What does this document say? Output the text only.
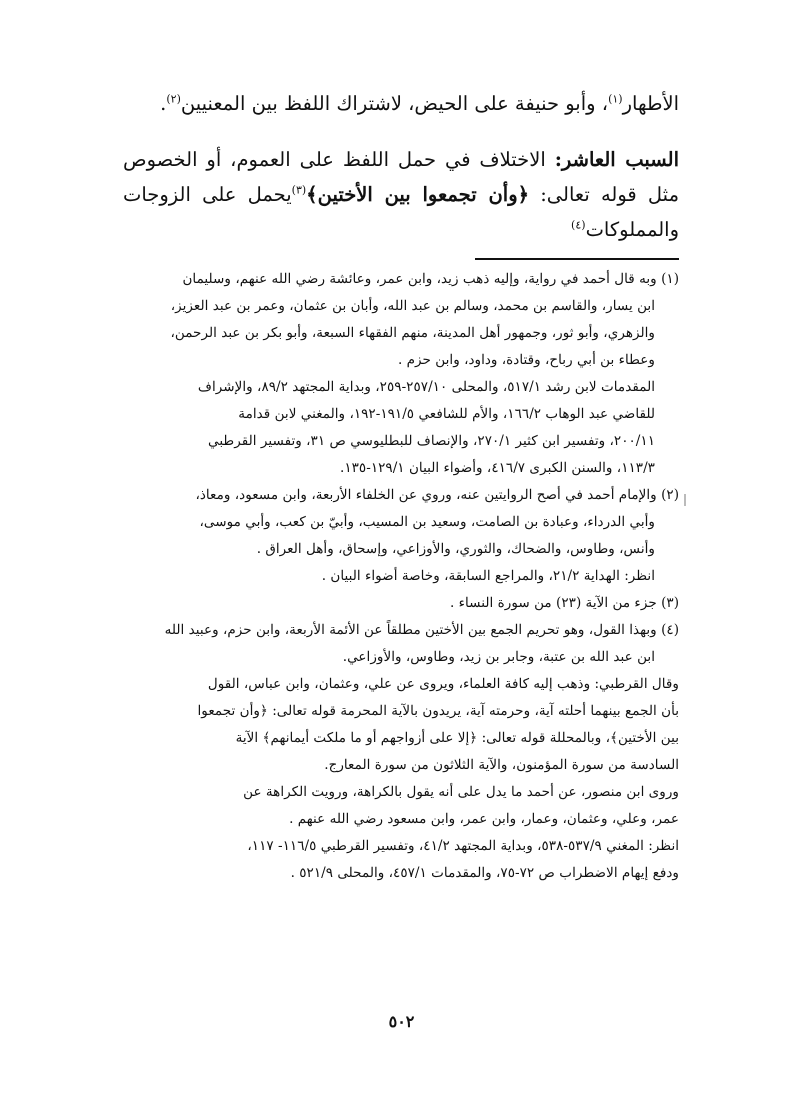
الأطهار$^{(١)}$، وأبو حنيفة على الحيض، لاشتراك اللفظ بين المعنيين$^{(٢)}$.

السبب العاشر: الاختلاف في حمل اللفظ على العموم، أو الخصوص مثل قوله تعالى: ﴿وأن تجمعوا بين الأختين﴾$^{(٣)}$يحمل على الزوجات والمملوكات$^{(٤)}$

(١) وبه قال أحمد في رواية، وإليه ذهب زيد، وابن عمر، وعائشة رضي الله عنهم، وسليمان

ابن يسار، والقاسم بن محمد، وسالم بن عبد الله، وأبان بن عثمان، وعمر بن عبد العزيز،

والزهري، وأبو ثور، وجمهور أهل المدينة، منهم الفقهاء السبعة، وأبو بكر بن عبد الرحمن،

وعطاء بن أبي رباح، وقتادة، وداود، وابن حزم .

المقدمات لابن رشد ٥١٧/١، والمحلى ٢٥٧/١٠-٢٥٩، وبداية المجتهد ٨٩/٢، والإشراف

للقاضي عبد الوهاب ١٦٦/٢، والأم للشافعي ١٩١/٥-١٩٢، والمغني لابن قدامة

٢٠٠/١١، وتفسير ابن كثير ٢٧٠/١، والإنصاف للبطليوسي ص ٣١، وتفسير القرطبي

١١٣/٣، والسنن الكبرى ٤١٦/٧، وأضواء البيان ١٢٩/١-١٣٥.

(٢) والإمام أحمد في أصح الروايتين عنه، وروي عن الخلفاء الأربعة، وابن مسعود، ومعاذ،

وأبي الدرداء، وعبادة بن الصامت، وسعيد بن المسيب، وأبيّ بن كعب، وأبي موسى،

وأنس، وطاوس، والضحاك، والثوري، والأوزاعي، وإسحاق، وأهل العراق .

انظر: الهداية ٢١/٢، والمراجع السابقة، وخاصة أضواء البيان .

(٣) جزء من الآية (٢٣) من سورة النساء .

(٤) وبهذا القول، وهو تحريم الجمع بين الأختين مطلقاً عن الأئمة الأربعة، وابن حزم، وعبيد الله

ابن عبد الله بن عتبة، وجابر بن زيد، وطاوس، والأوزاعي.

وقال القرطبي: وذهب إليه كافة العلماء، ويروى عن علي، وعثمان، وابن عباس، القول

بأن الجمع بينهما أحلته آية، وحرمته آية، يريدون بالآية المحرمة قوله تعالى: ﴿وأن تجمعوا

بين الأختين﴾، وبالمحللة قوله تعالى: ﴿إلا على أزواجهم أو ما ملكت أيمانهم﴾ الآية

السادسة من سورة المؤمنون، والآية الثلاثون من سورة المعارج.

وروى ابن منصور، عن أحمد ما يدل على أنه يقول بالكراهة، ورويت الكراهة عن

عمر، وعلي، وعثمان، وعمار، وابن عمر، وابن مسعود رضي الله عنهم .

انظر: المغني ٥٣٧/٩-٥٣٨، وبداية المجتهد ٤١/٢، وتفسير القرطبي ١١٦/٥- ١١٧،

ودفع إيهام الاضطراب ص ٧٢-٧٥، والمقدمات ٤٥٧/١، والمحلى ٥٢١/٩ .

٥٠٢
